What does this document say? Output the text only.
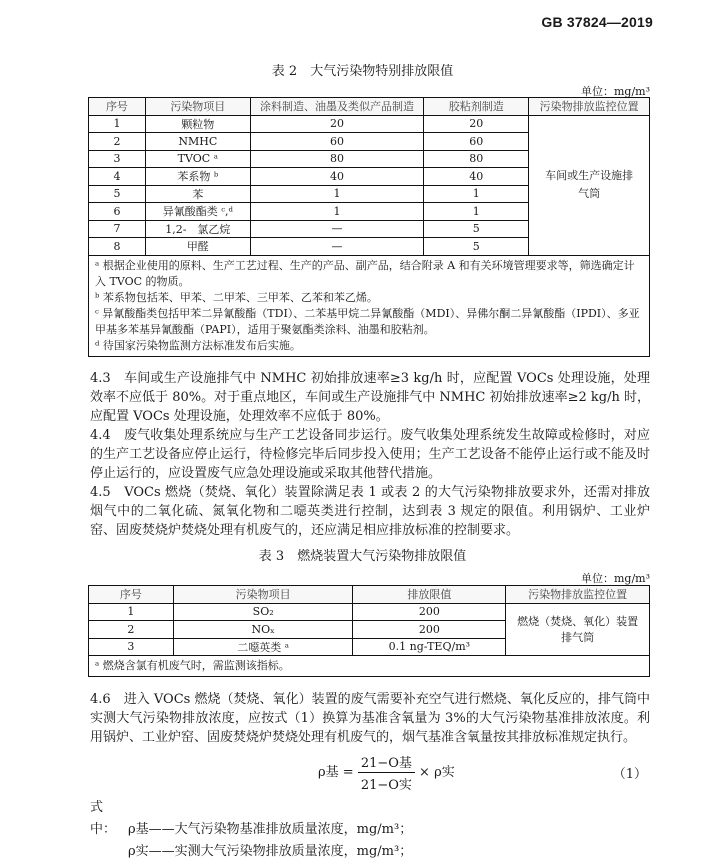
GB 37824—2019
表 2　大气污染物特别排放限值
单位：mg/m³
序号	污染物项目	涂料制造、油墨及类似产品制造	胶粘剂制造	污染物排放监控位置
1	颗粒物	20	20	车间或生产设施排气筒
2	NMHC	60	60	
3	TVOC ᵃ	80	80	
4	苯系物 ᵇ	40	40	
5	苯	1	1	
6	异氰酸酯类 ᶜ,ᵈ	1	1	
7	1,2-　氯乙烷	—	5	
8	甲醛	—	5	

ᵃ 根据企业使用的原料、生产工艺过程、生产的产品、副产品，结合附录 A 和有关环境管理要求等，筛选确定计入 TVOC 的物质。
ᵇ 苯系物包括苯、甲苯、二甲苯、三甲苯、乙苯和苯乙烯。
ᶜ 异氰酸酯类包括甲苯二异氰酸酯（TDI）、二苯基甲烷二异氰酸酯（MDI）、异佛尔酮二异氰酸酯（IPDI）、多亚甲基多苯基异氰酸酯（PAPI），适用于聚氨酯类涂料、油墨和胶粘剂。
ᵈ 待国家污染物监测方法标准发布后实施。				
4.3　车间或生产设施排气中 NMHC 初始排放速率≥3 kg/h 时，应配置 VOCs 处理设施，处理效率不应低于 80%。对于重点地区，车间或生产设施排气中 NMHC 初始排放速率≥2 kg/h 时，应配置 VOCs 处理设施，处理效率不应低于 80%。
4.4　废气收集处理系统应与生产工艺设备同步运行。废气收集处理系统发生故障或检修时，对应的生产工艺设备应停止运行，待检修完毕后同步投入使用；生产工艺设备不能停止运行或不能及时停止运行的，应设置废气应急处理设施或采取其他替代措施。
4.5　VOCs 燃烧（焚烧、氧化）装置除满足表 1 或表 2 的大气污染物排放要求外，还需对排放烟气中的二氧化硫、氮氧化物和二噁英类进行控制，达到表 3 规定的限值。利用锅炉、工业炉窑、固废焚烧炉焚烧处理有机废气的，还应满足相应排放标准的控制要求。
表 3　燃烧装置大气污染物排放限值
单位：mg/m³
序号	污染物项目	排放限值	污染物排放监控位置
1	SO₂	200	燃烧（焚烧、氧化）装置排气筒
2	NOₓ	200	
3	二噁英类 ᵃ	0.1 ng-TEQ/m³	

ᵃ 燃烧含氯有机废气时，需监测该指标。			
4.6　进入 VOCs 燃烧（焚烧、氧化）装置的废气需要补充空气进行燃烧、氧化反应的，排气筒中实测大气污染物排放浓度，应按式（1）换算为基准含氧量为 3%的大气污染物基准排放浓度。利用锅炉、工业炉窑、固废焚烧炉焚烧处理有机废气的，烟气基准含氧量按其排放标准规定执行。
ρ基 = $\frac{\text{21−O基}}{\text{21−O实}} \times \rho$实	（1）
式中： ρ基——大气污染物基准排放质量浓度，mg/m³；
ρ实——实测大气污染物排放质量浓度，mg/m³；
